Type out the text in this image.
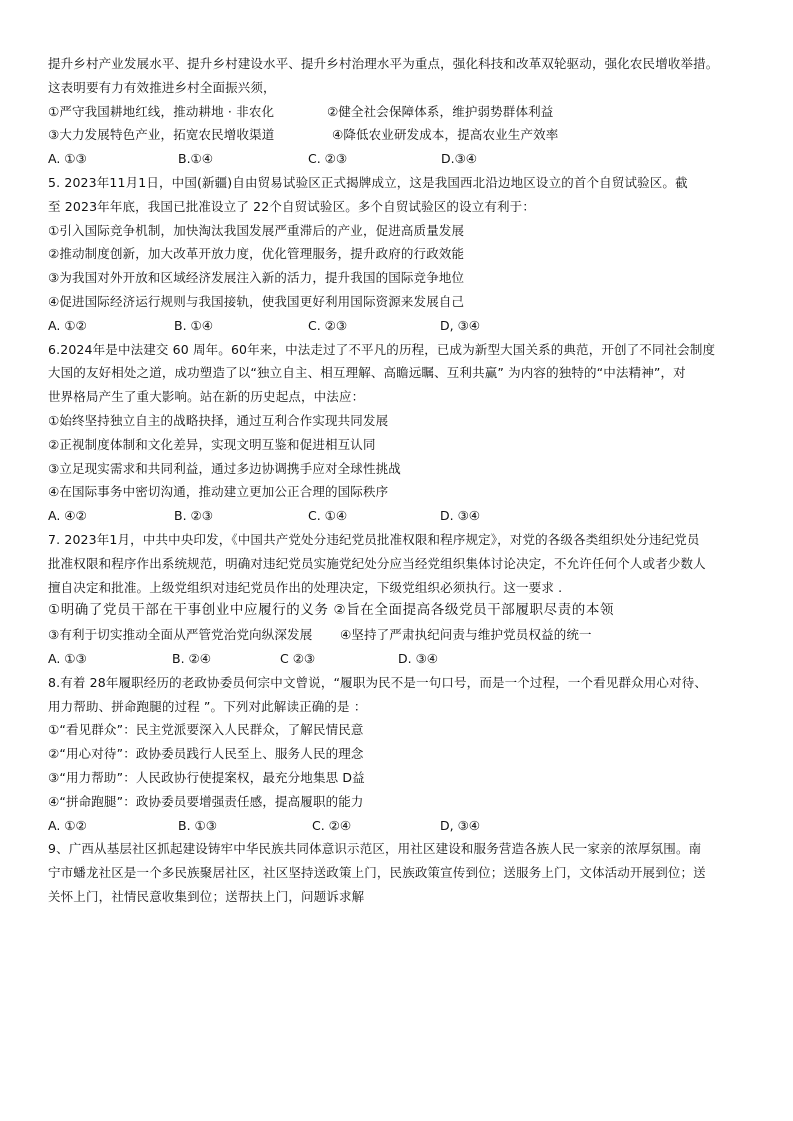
提升乡村产业发展水平、提升乡村建设水平、提升乡村治理水平为重点，强化科技和改革双轮驱动，强化农民增收举措。
这表明要有力有效推进乡村全面振兴须，
①严守我国耕地红线，推动耕地 · 非农化	②健全社会保障体系，维护弱势群体利益
③大力发展特色产业，拓宽农民增收渠道	④降低农业研发成本，提高农业生产效率
A. ①③	B.①④	C. ②③	D.③④
5. 2023年11月1日，中国(新疆)自由贸易试验区正式揭牌成立，这是我国西北沿边地区设立的首个自贸试验区。截
至 2023年年底，我国已批准设立了 22个自贸试验区。多个自贸试验区的设立有利于：
①引入国际竞争机制，加快淘汰我国发展严重滞后的产业，促进高质量发展
②推动制度创新，加大改革开放力度，优化管理服务，提升政府的行政效能
③为我国对外开放和区域经济发展注入新的活力，提升我国的国际竞争地位
④促进国际经济运行规则与我国接轨，使我国更好利用国际资源来发展自己
A. ①②	B. ①④	C. ②③	D, ③④
6.2024年是中法建交 60 周年。60年来，中法走过了不平凡的历程，已成为新型大国关系的典范，开创了不同社会制度
大国的友好相处之道，成功塑造了以“独立自主、相互理解、高瞻远瞩、互利共赢” 为内容的独特的“中法精神”，对
世界格局产生了重大影响。站在新的历史起点，中法应：
①始终坚持独立自主的战略抉择，通过互利合作实现共同发展
②正视制度体制和文化差异，实现文明互鉴和促进相互认同
③立足现实需求和共同利益，通过多边协调携手应对全球性挑战
④在国际事务中密切沟通，推动建立更加公正合理的国际秩序
A. ④②	B. ②③	C. ①④	D. ③④
7. 2023年1月，中共中央印发，《中国共产党处分违纪党员批准权限和程序规定》，对党的各级各类组织处分违纪党员
批准权限和程序作出系统规范，明确对违纪党员实施党纪处分应当经党组织集体讨论决定，不允许任何个人或者少数人
擅自决定和批准。上级党组织对违纪党员作出的处理决定，下级党组织必须执行。这一要求 .
①明确了党员干部在干事创业中应履行的义务 ②旨在全面提高各级党员干部履职尽责的本领
③有利于切实推动全面从严管党治党向纵深发展 ④坚持了严肃执纪问责与维护党员权益的统一
A. ①③	B. ②④	C ②③	D. ③④
8.有着 28年履职经历的老政协委员何宗中文曾说，“履职为民不是一句口号，而是一个过程，一个看见群众用心对待、
用力帮助、拼命跑腿的过程 ”。下列对此解读正确的是 ：
①“看见群众”：民主党派要深入人民群众，了解民情民意
②“用心对待”：政协委员践行人民至上、服务人民的理念
③“用力帮助”：人民政协行使提案权，最充分地集思 D益
④“拼命跑腿”：政协委员要增强责任感，提高履职的能力
A. ①②	B. ①③	C. ②④	D, ③④
9、广西从基层社区抓起建设铸牢中华民族共同体意识示范区，用社区建设和服务营造各族人民一家亲的浓厚氛围。南
宁市蟠龙社区是一个多民族聚居社区，社区坚持送政策上门，民族政策宣传到位；送服务上门，文体活动开展到位；送
关怀上门，社情民意收集到位；送帮扶上门，问题诉求解
